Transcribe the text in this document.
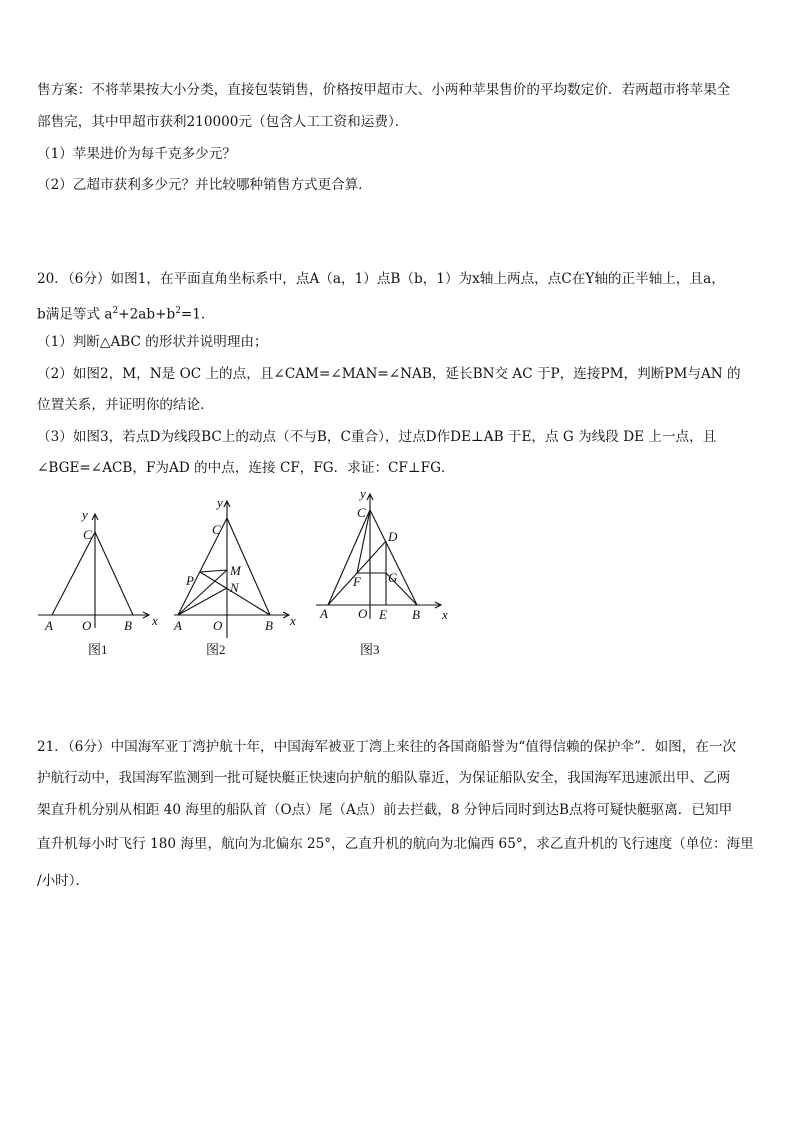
售方案：不将苹果按大小分类，直接包装销售，价格按甲超市大、小两种苹果售价的平均数定价．若两超市将苹果全
部售完，其中甲超市获利210000元（包含人工工资和运费）．
（1）苹果进价为每千克多少元？
（2）乙超市获利多少元？并比较哪种销售方式更合算．
20．（6分）如图1，在平面直角坐标系中，点A（a，1）点B（b，1）为x轴上两点，点C在Y轴的正半轴上，且a，
b满足等式 $a^2+2ab+b^2=1$．
（1）判断△ABC 的形状并说明理由；
（2）如图2，M，N是 OC 上的点，且∠CAM=∠MAN=∠NAB，延长BN交 AC 于P，连接PM，判断PM与AN 的
位置关系，并证明你的结论．
（3）如图3，若点D为线段BC上的动点（不与B，C重合），过点D作DE⊥AB 于E，点 G 为线段 DE 上一点，且
∠BGE=∠ACB，F为AD 的中点，连接 CF，FG．求证：CF⊥FG．
y
C
x
A O	B
图1
y
C
M
N
P
x
A O	B
图2
y
C
D
G
F
x
A O E B
图3
21．（6分）中国海军亚丁湾护航十年，中国海军被亚丁湾上来往的各国商船誉为“值得信赖的保护伞”．如图，在一次
护航行动中，我国海军监测到一批可疑快艇正快速向护航的船队靠近，为保证船队安全，我国海军迅速派出甲、乙两
架直升机分别从相距 40 海里的船队首（O点）尾（A点）前去拦截，8 分钟后同时到达B点将可疑快艇驱离．已知甲
直升机每小时飞行 180 海里，航向为北偏东 25°，乙直升机的航向为北偏西 65°，求乙直升机的飞行速度（单位：海里
/小时）．
